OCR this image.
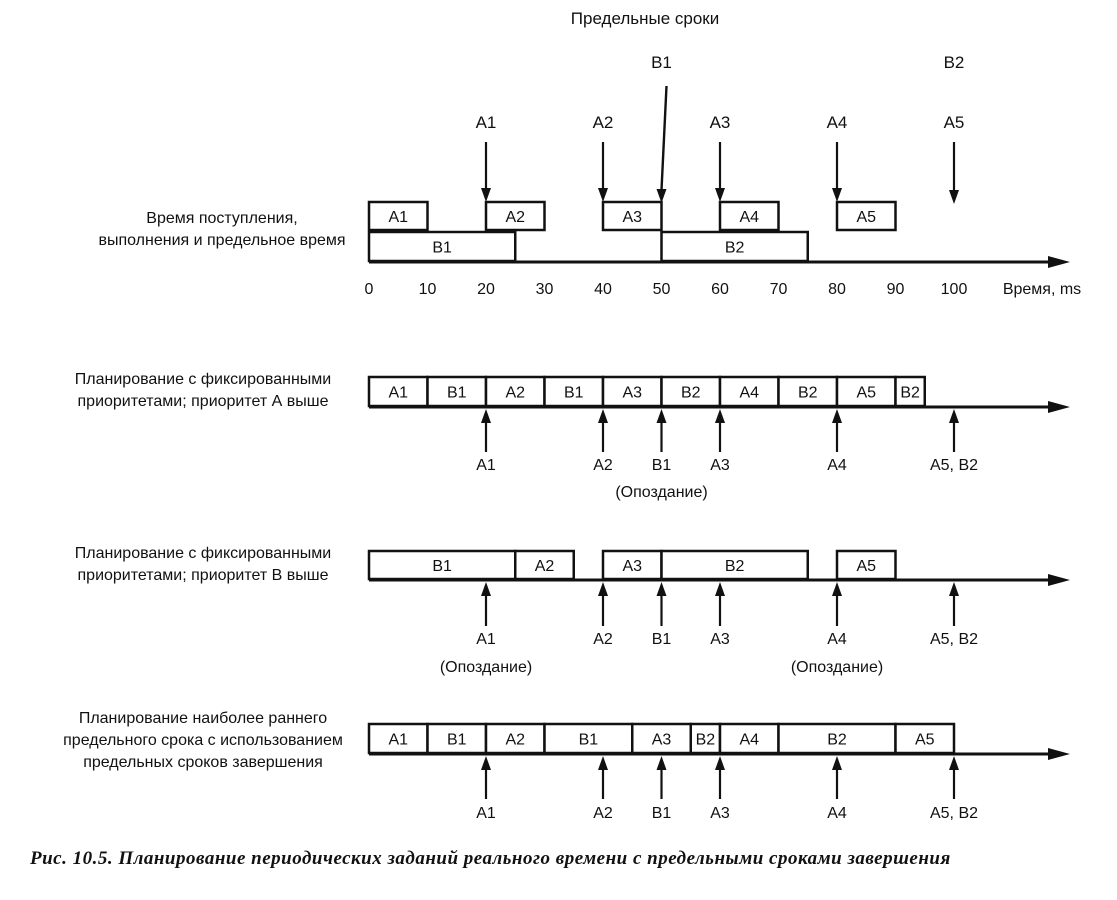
Предельные сроки
Время поступления,
выполнения и предельное время
A1	A2
B1
A3	A4	A5
B2
A1	A2	A3	A4	A5
B1	B2
0	10	20	30	40	50	60	70	80	90 100 Время, ms
Планирование с фиксированными
приоритетами; приоритет А выше	A1 B1 A2 B1 A3 B2 A4 B2 A5 B2
A1	A2 B1
(Опоздание)
A3	A4	A5, B2
Планирование с фиксированными
приоритетами; приоритет В выше
B1	A2	A3	B2	A5
A1
(Опоздание)
A2 B1 A3	A4
(Опоздание)
A5, B2
Планирование наиболее раннего
предельного срока с использованием
предельных сроков завершения
A1 B1 A2	B1	A3 B2 A4	B2	A5
A1	A2 B1 A3	A4	A5, B2
Рис. 10.5. Планирование периодических заданий реального времени с предельными сроками завершения
